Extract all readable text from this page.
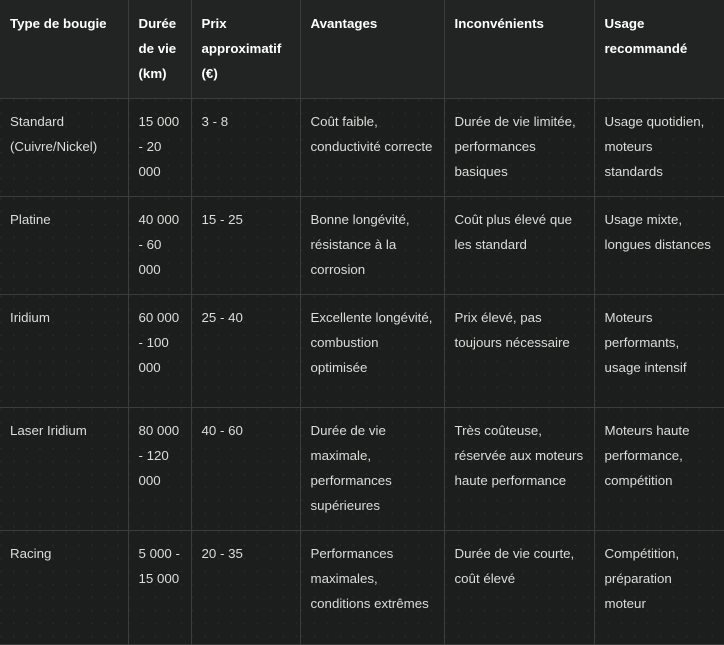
Type de bougie	Durée de vie (km)	Prix approximatif (€)	Avantages	Inconvénients	Usage recommandé
Standard (Cuivre/Nickel)	15 000 - 20 000	3 - 8	Coût faible, conductivité correcte	Durée de vie limitée, performances basiques	Usage quotidien, moteurs standards
Platine	40 000 - 60 000	15 - 25	Bonne longévité, résistance à la corrosion	Coût plus élevé que les standard	Usage mixte, longues distances
Iridium	60 000 - 100 000	25 - 40	Excellente longévité, combustion optimisée	Prix élevé, pas toujours nécessaire	Moteurs performants, usage intensif
Laser Iridium	80 000 - 120 000	40 - 60	Durée de vie maximale, performances supérieures	Très coûteuse, réservée aux moteurs haute performance	Moteurs haute performance, compétition
Racing	5 000 - 15 000	20 - 35	Performances maximales, conditions extrêmes	Durée de vie courte, coût élevé	Compétition, préparation moteur
